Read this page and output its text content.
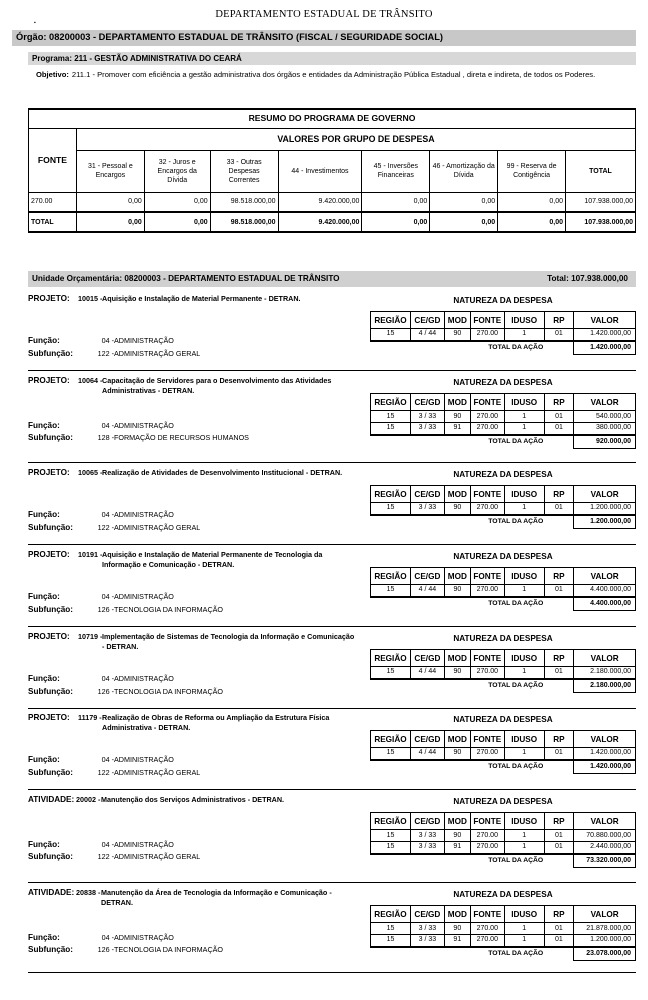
DEPARTAMENTO ESTADUAL DE TRÂNSITO
▪
Órgão: 08200003 - DEPARTAMENTO ESTADUAL DE TRÂNSITO (FISCAL / SEGURIDADE SOCIAL)
Programa: 211 - GESTÃO ADMINISTRATIVA DO CEARÁ
Objetivo: 211.1 - Promover com eficiência a gestão administrativa dos órgãos e entidades da Administração Pública Estadual , direta e indireta, de todos os Poderes.
RESUMO DO PROGRAMA DE GOVERNO								
FONTE	VALORES POR GRUPO DE DESPESA							
	31 - Pessoal e Encargos	32 - Juros e Encargos da Dívida	33 - Outras Despesas Correntes	44 - Investimentos	45 - Inversões Financeiras	46 - Amortização da Dívida	99 - Reserva de Contigência	TOTAL
270.00	0,00	0,00	98.518.000,00	9.420.000,00	0,00	0,00	0,00	107.938.000,00
TOTAL	0,00	0,00	98.518.000,00	9.420.000,00	0,00	0,00	0,00	107.938.000,00
Unidade Orçamentária: 08200003 - DEPARTAMENTO ESTADUAL DE TRÂNSITO	Total: 107.938.000,00
PROJETO: 10015 - Aquisição e Instalação de Material Permanente - DETRAN.	NATUREZA DA DESPESA
REGIÃO	CE/GD	MOD	FONTE	IDUSO	RP	VALOR
15	4 / 44	90	270.00	1	01	1.420.000,00
TOTAL DA AÇÃO						1.420.000,00
Função:	04 -ADMINISTRAÇÃO
Subfunção:	122 -ADMINISTRAÇÃO GERAL
PROJETO: 10064 - Capacitação de Servidores para o Desenvolvimento das Atividades
Administrativas - DETRAN.
NATUREZA DA DESPESA
REGIÃO	CE/GD	MOD	FONTE	IDUSO	RP	VALOR
15	3 / 33	90	270.00	1	01	540.000,00
15	3 / 33	91	270.00	1	01	380.000,00
TOTAL DA AÇÃO						920.000,00
Função:	04 -ADMINISTRAÇÃO
Subfunção:	128 -FORMAÇÃO DE RECURSOS HUMANOS
PROJETO: 10065 - Realização de Atividades de Desenvolvimento Institucional - DETRAN.	NATUREZA DA DESPESA
REGIÃO	CE/GD	MOD	FONTE	IDUSO	RP	VALOR
15	3 / 33	90	270.00	1	01	1.200.000,00
TOTAL DA AÇÃO						1.200.000,00
Função:	04 -ADMINISTRAÇÃO
Subfunção:	122 -ADMINISTRAÇÃO GERAL
PROJETO: 10191 - Aquisição e Instalação de Material Permanente de Tecnologia da
Informação e Comunicação - DETRAN.
NATUREZA DA DESPESA
REGIÃO	CE/GD	MOD	FONTE	IDUSO	RP	VALOR
15	4 / 44	90	270.00	1	01	4.400.000,00
TOTAL DA AÇÃO						4.400.000,00
Função:	04 -ADMINISTRAÇÃO
Subfunção:	126 -TECNOLOGIA DA INFORMAÇÃO
PROJETO: 10719 - Implementação de Sistemas de Tecnologia da Informação e Comunicação
- DETRAN.
NATUREZA DA DESPESA
REGIÃO	CE/GD	MOD	FONTE	IDUSO	RP	VALOR
15	4 / 44	90	270.00	1	01	2.180.000,00
TOTAL DA AÇÃO						2.180.000,00
Função:	04 -ADMINISTRAÇÃO
Subfunção:	126 -TECNOLOGIA DA INFORMAÇÃO
PROJETO: 11179 - Realização de Obras de Reforma ou Ampliação da Estrutura Física
Administrativa - DETRAN.
NATUREZA DA DESPESA
REGIÃO	CE/GD	MOD	FONTE	IDUSO	RP	VALOR
15	4 / 44	90	270.00	1	01	1.420.000,00
TOTAL DA AÇÃO						1.420.000,00
Função:	04 -ADMINISTRAÇÃO
Subfunção:	122 -ADMINISTRAÇÃO GERAL
ATIVIDADE: 20002 - Manutenção dos Serviços Administrativos - DETRAN.	NATUREZA DA DESPESA
REGIÃO	CE/GD	MOD	FONTE	IDUSO	RP	VALOR
15	3 / 33	90	270.00	1	01	70.880.000,00
15	3 / 33	91	270.00	1	01	2.440.000,00
TOTAL DA AÇÃO						73.320.000,00
Função:	04 -ADMINISTRAÇÃO
Subfunção:	122 -ADMINISTRAÇÃO GERAL
ATIVIDADE: 20838 - Manutenção da Área de Tecnologia da Informação e Comunicação -
DETRAN.
NATUREZA DA DESPESA
REGIÃO	CE/GD	MOD	FONTE	IDUSO	RP	VALOR
15	3 / 33	90	270.00	1	01	21.878.000,00
15	3 / 33	91	270.00	1	01	1.200.000,00
TOTAL DA AÇÃO						23.078.000,00
Função:	04 -ADMINISTRAÇÃO
Subfunção:	126 -TECNOLOGIA DA INFORMAÇÃO
